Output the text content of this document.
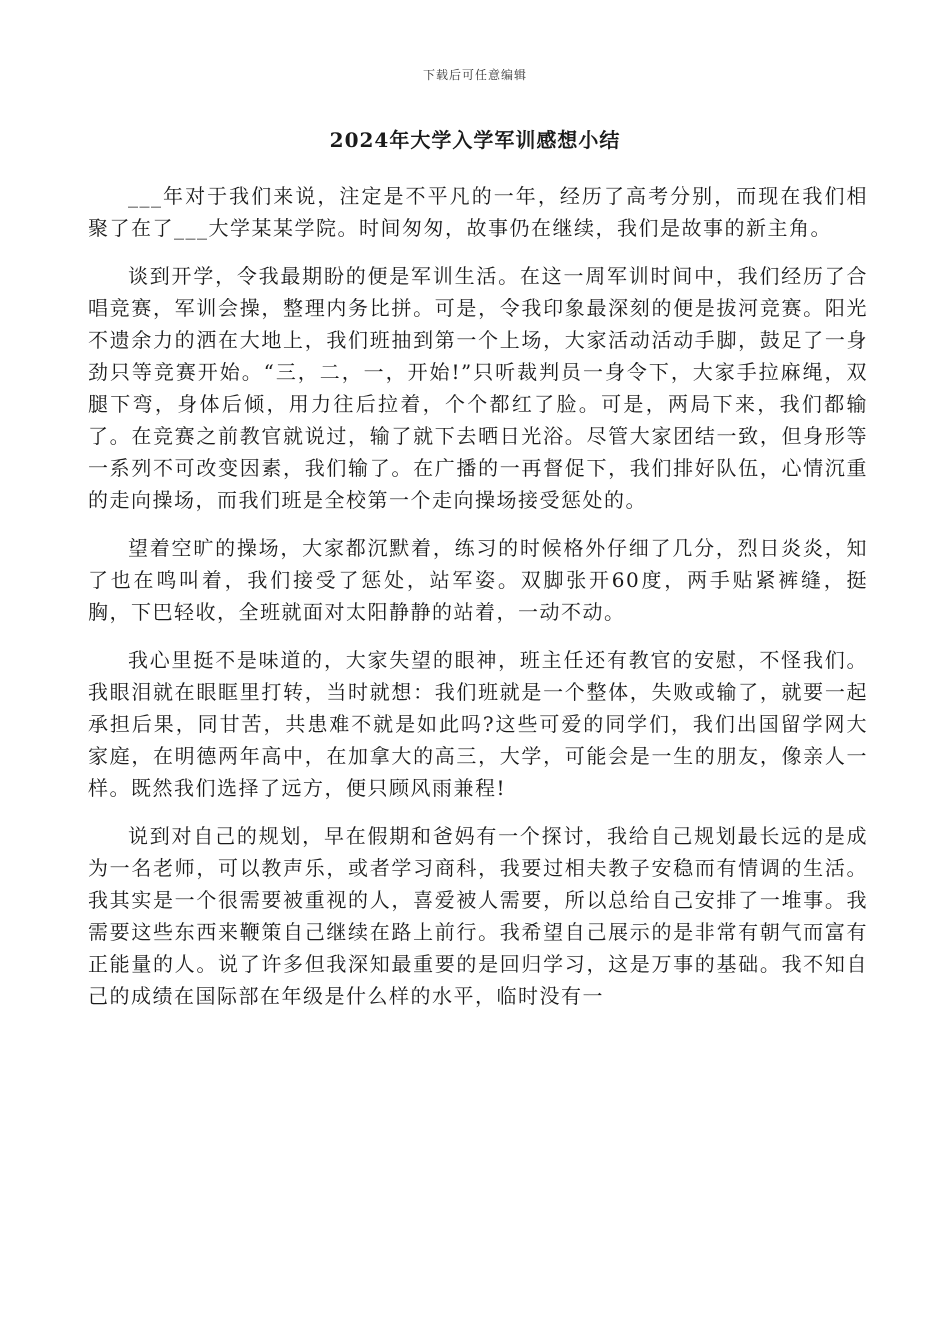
下载后可任意编辑
2024年大学入学军训感想小结

___年对于我们来说，注定是不平凡的一年，经历了高考分别，而现在我们相聚了在了___大学某某学院。时间匆匆，故事仍在继续，我们是故事的新主角。

谈到开学，令我最期盼的便是军训生活。在这一周军训时间中，我们经历了合唱竞赛，军训会操，整理内务比拼。可是，令我印象最深刻的便是拔河竞赛。阳光不遗余力的洒在大地上，我们班抽到第一个上场，大家活动活动手脚，鼓足了一身劲只等竞赛开始。“三，二，一，开始!”只听裁判员一身令下，大家手拉麻绳，双腿下弯，身体后倾，用力往后拉着，个个都红了脸。可是，两局下来，我们都输了。在竞赛之前教官就说过，输了就下去晒日光浴。尽管大家团结一致，但身形等一系列不可改变因素，我们输了。在广播的一再督促下，我们排好队伍，心情沉重的走向操场，而我们班是全校第一个走向操场接受惩处的。

望着空旷的操场，大家都沉默着，练习的时候格外仔细了几分，烈日炎炎，知了也在鸣叫着，我们接受了惩处，站军姿。双脚张开60度，两手贴紧裤缝，挺胸，下巴轻收，全班就面对太阳静静的站着，一动不动。

我心里挺不是味道的，大家失望的眼神，班主任还有教官的安慰，不怪我们。我眼泪就在眼眶里打转，当时就想：我们班就是一个整体，失败或输了，就要一起承担后果，同甘苦，共患难不就是如此吗?这些可爱的同学们，我们出国留学网大家庭，在明德两年高中，在加拿大的高三，大学，可能会是一生的朋友，像亲人一样。既然我们选择了远方，便只顾风雨兼程!

说到对自己的规划，早在假期和爸妈有一个探讨，我给自己规划最长远的是成为一名老师，可以教声乐，或者学习商科，我要过相夫教子安稳而有情调的生活。我其实是一个很需要被重视的人，喜爱被人需要，所以总给自己安排了一堆事。我需要这些东西来鞭策自己继续在路上前行。我希望自己展示的是非常有朝气而富有正能量的人。说了许多但我深知最重要的是回归学习，这是万事的基础。我不知自己的成绩在国际部在年级是什么样的水平，临时没有一
